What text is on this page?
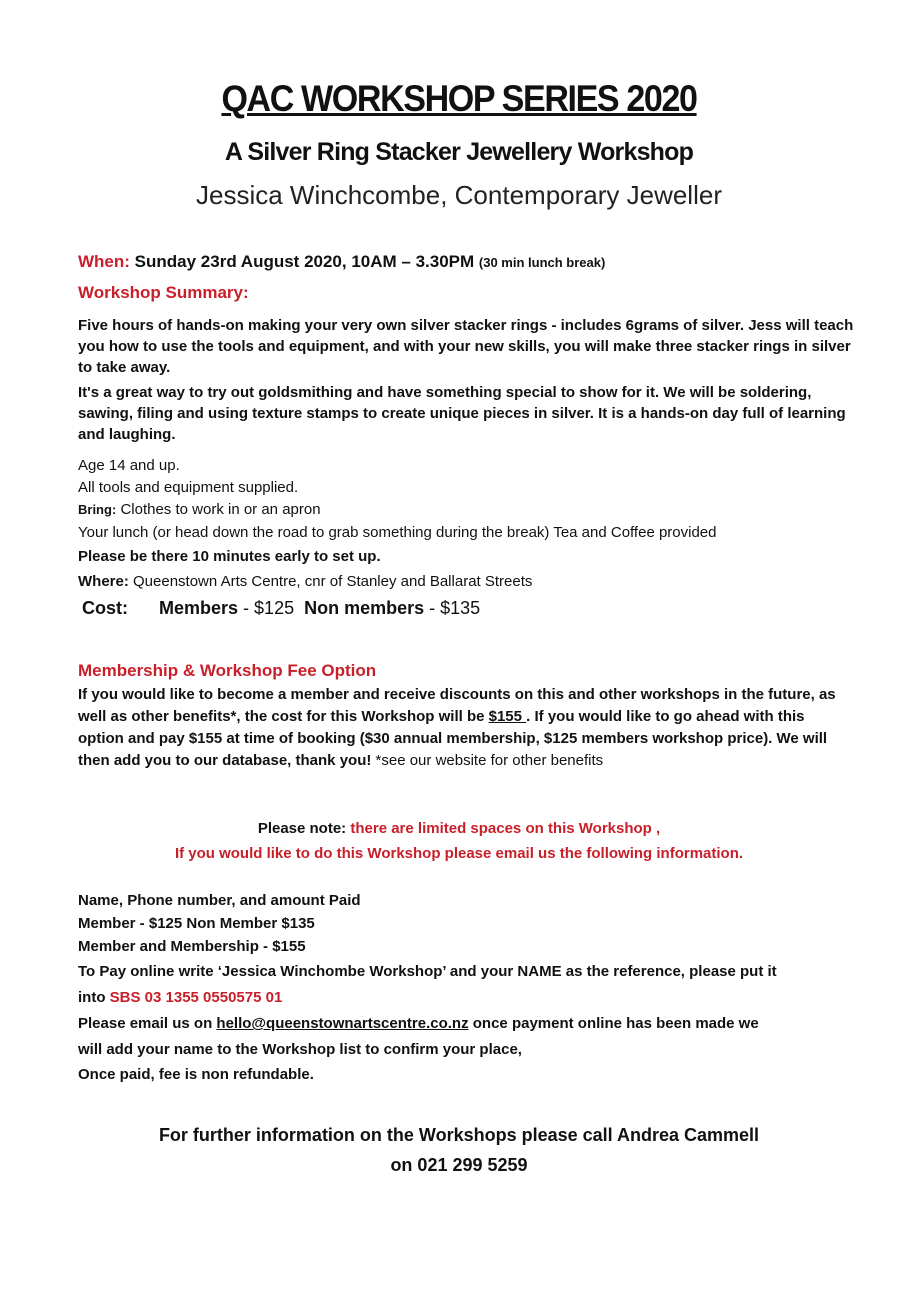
QAC WORKSHOP SERIES 2020
A Silver Ring Stacker Jewellery Workshop
Jessica Winchcombe, Contemporary Jeweller
When: Sunday 23rd August 2020, 10AM – 3.30PM (30 min lunch break)
Workshop Summary:
Five hours of hands-on making your very own silver stacker rings - includes 6grams of silver. Jess will teach you how to use the tools and equipment, and with your new skills, you will make three stacker rings in silver to take away.
It's a great way to try out goldsmithing and have something special to show for it. We will be soldering, sawing, filing and using texture stamps to create unique pieces in silver. It is a hands-on day full of learning and laughing.
Age 14 and up.
All tools and equipment supplied.
Bring: Clothes to work in or an apron
Your lunch (or head down the road to grab something during the break) Tea and Coffee provided
Please be there 10 minutes early to set up.
Where: Queenstown Arts Centre, cnr of Stanley and Ballarat Streets
Cost: Members - $125 Non members - $135
Membership & Workshop Fee Option
If you would like to become a member and receive discounts on this and other workshops in the future, as well as other benefits*, the cost for this Workshop will be $155 . If you would like to go ahead with this option and pay $155 at time of booking ($30 annual membership, $125 members workshop price). We will then add you to our database, thank you! *see our website for other benefits
Please note: there are limited spaces on this Workshop ,
If you would like to do this Workshop please email us the following information.
Name, Phone number, and amount Paid
Member - $125 Non Member $135
Member and Membership - $155
To Pay online write ‘Jessica Winchombe Workshop’ and your NAME as the reference, please put it
into SBS 03 1355 0550575 01
Please email us on hello@queenstownartscentre.co.nz once payment online has been made we
will add your name to the Workshop list to confirm your place,
Once paid, fee is non refundable.
For further information on the Workshops please call Andrea Cammell
on 021 299 5259
